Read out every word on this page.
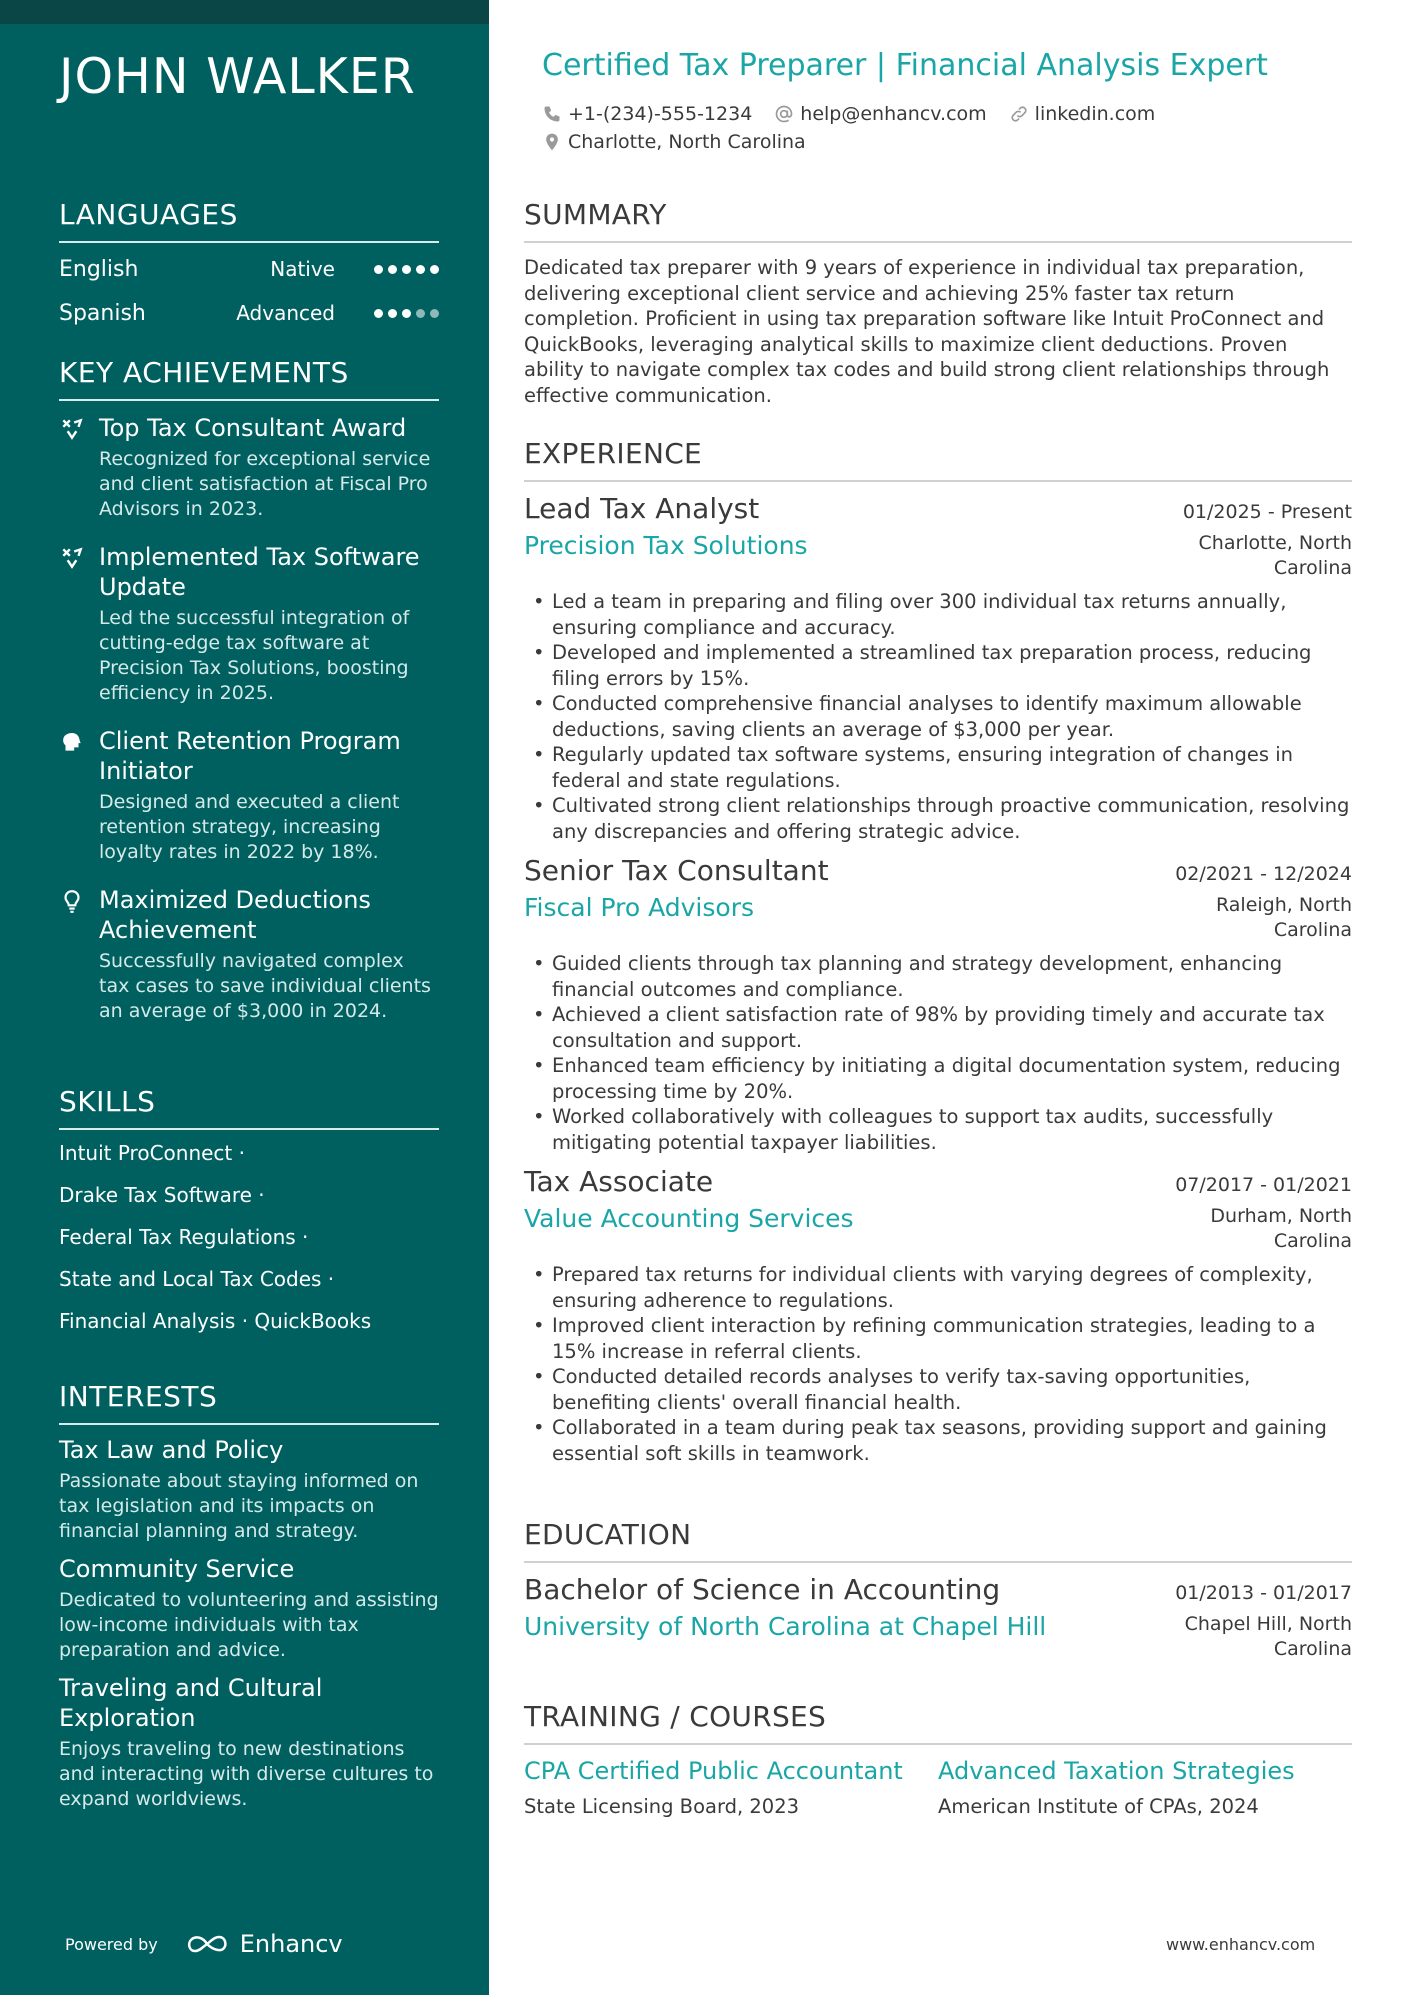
JOHN WALKER
LANGUAGES
English	Native
Spanish	Advanced
KEY ACHIEVEMENTS
Top Tax Consultant Award
Recognized for exceptional service and client satisfaction at Fiscal Pro Advisors in 2023.
Implemented Tax Software Update
Led the successful integration of cutting-edge tax software at Precision Tax Solutions, boosting efficiency in 2025.
Client Retention Program Initiator
Designed and executed a client retention strategy, increasing loyalty rates in 2022 by 18%.
Maximized Deductions Achievement
Successfully navigated complex tax cases to save individual clients an average of $3,000 in 2024.
SKILLS
Intuit ProConnect ·
Drake Tax Software ·
Federal Tax Regulations ·
State and Local Tax Codes ·
Financial Analysis · QuickBooks
INTERESTS
Tax Law and Policy
Passionate about staying informed on tax legislation and its impacts on financial planning and strategy.
Community Service
Dedicated to volunteering and assisting low-income individuals with tax preparation and advice.
Traveling and Cultural Exploration
Enjoys traveling to new destinations and interacting with diverse cultures to expand worldviews.
Powered by	Enhancv
Certified Tax Preparer | Financial Analysis Expert
+1-(234)-555-1234	help@enhancv.com	linkedin.com
Charlotte, North Carolina
SUMMARY

Dedicated tax preparer with 9 years of experience in individual tax preparation, delivering exceptional client service and achieving 25% faster tax return completion. Proficient in using tax preparation software like Intuit ProConnect and QuickBooks, leveraging analytical skills to maximize client deductions. Proven ability to navigate complex tax codes and build strong client relationships through effective communication.

EXPERIENCE
Lead Tax Analyst	01/2025 - Present
Precision Tax Solutions	Charlotte, North Carolina
• Led a team in preparing and filing over 300 individual tax returns annually, ensuring compliance and accuracy.
• Developed and implemented a streamlined tax preparation process, reducing filing errors by 15%.
• Conducted comprehensive financial analyses to identify maximum allowable deductions, saving clients an average of $3,000 per year.
• Regularly updated tax software systems, ensuring integration of changes in federal and state regulations.
• Cultivated strong client relationships through proactive communication, resolving any discrepancies and offering strategic advice.
Senior Tax Consultant	02/2021 - 12/2024
Fiscal Pro Advisors	Raleigh, North Carolina
• Guided clients through tax planning and strategy development, enhancing financial outcomes and compliance.
• Achieved a client satisfaction rate of 98% by providing timely and accurate tax consultation and support.
• Enhanced team efficiency by initiating a digital documentation system, reducing processing time by 20%.
• Worked collaboratively with colleagues to support tax audits, successfully mitigating potential taxpayer liabilities.
Tax Associate	07/2017 - 01/2021
Value Accounting Services	Durham, North Carolina
• Prepared tax returns for individual clients with varying degrees of complexity, ensuring adherence to regulations.
• Improved client interaction by refining communication strategies, leading to a 15% increase in referral clients.
• Conducted detailed records analyses to verify tax-saving opportunities, benefiting clients' overall financial health.
• Collaborated in a team during peak tax seasons, providing support and gaining essential soft skills in teamwork.
EDUCATION
Bachelor of Science in Accounting	01/2013 - 01/2017
University of North Carolina at Chapel Hill	Chapel Hill, North Carolina
TRAINING / COURSES
CPA Certified Public Accountant
State Licensing Board, 2023
Advanced Taxation Strategies
American Institute of CPAs, 2024
www.enhancv.com
